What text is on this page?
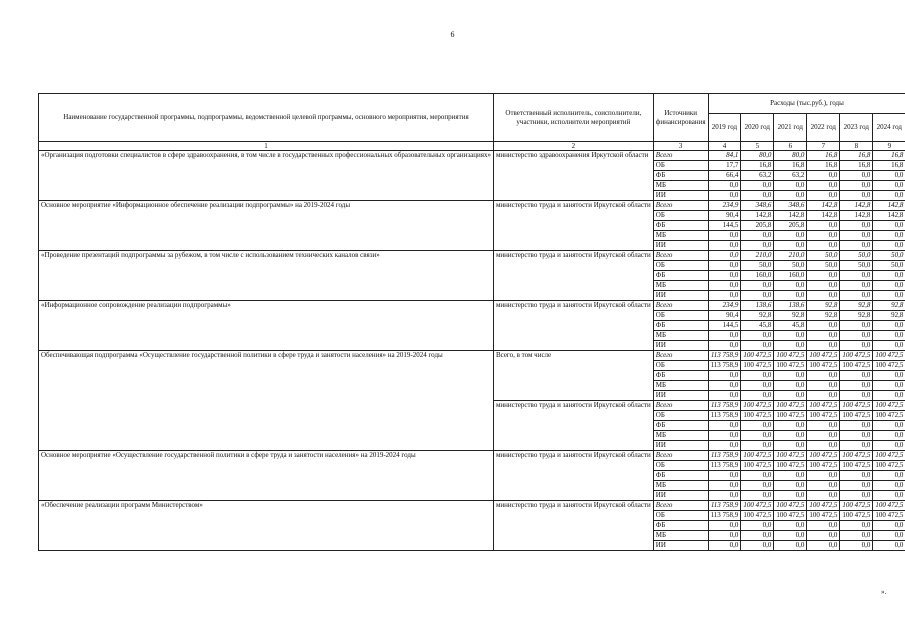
6
Наименование государственной программы, подпрограммы, ведомственной целевой программы, основного мероприятия, мероприятия	Ответственный исполнитель, соисполнители, участники, исполнители мероприятий	Источники финансирования	Расходы (тыс.руб.), годы					
			2019 год	2020 год	2021 год	2022 год	2023 год	2024 год
1	2	3	4	5	6	7	8	9
«Организация подготовки специалистов в сфере здравоохранения, в том числе в государственных профессиональных образовательных организациях»	министерство здравоохранения Иркутской области	Всего	84,1	80,0	80,0	16,8	16,8	16,8
		ОБ	17,7	16,8	16,8	16,8	16,8	16,8
		ФБ	66,4	63,2	63,2	0,0	0,0	0,0
		МБ	0,0	0,0	0,0	0,0	0,0	0,0
		ИИ	0,0	0,0	0,0	0,0	0,0	0,0
Основное мероприятие «Информационное обеспечение реализации подпрограммы» на 2019-2024 годы	министерство труда и занятости Иркутской области	Всего	234,9	348,6	348,6	142,8	142,8	142,8
		ОБ	90,4	142,8	142,8	142,8	142,8	142,8
		ФБ	144,5	205,8	205,8	0,0	0,0	0,0
		МБ	0,0	0,0	0,0	0,0	0,0	0,0
		ИИ	0,0	0,0	0,0	0,0	0,0	0,0
«Проведение презентаций подпрограммы за рубежом, в том числе с использованием технических каналов связи»	министерство труда и занятости Иркутской области	Всего	0,0	210,0	210,0	50,0	50,0	50,0
		ОБ	0,0	50,0	50,0	50,0	50,0	50,0
		ФБ	0,0	160,0	160,0	0,0	0,0	0,0
		МБ	0,0	0,0	0,0	0,0	0,0	0,0
		ИИ	0,0	0,0	0,0	0,0	0,0	0,0
«Информационное сопровождение реализации подпрограммы»	министерство труда и занятости Иркутской области	Всего	234,9	138,6	138,6	92,8	92,8	92,8
		ОБ	90,4	92,8	92,8	92,8	92,8	92,8
		ФБ	144,5	45,8	45,8	0,0	0,0	0,0
		МБ	0,0	0,0	0,0	0,0	0,0	0,0
		ИИ	0,0	0,0	0,0	0,0	0,0	0,0
Обеспечивающая подпрограмма «Осуществление государственной политики в сфере труда и занятости населения» на 2019-2024 годы	Всего, в том числе	Всего	113 758,9	100 472,5	100 472,5	100 472,5	100 472,5	100 472,5
		ОБ	113 758,9	100 472,5	100 472,5	100 472,5	100 472,5	100 472,5
		ФБ	0,0	0,0	0,0	0,0	0,0	0,0
		МБ	0,0	0,0	0,0	0,0	0,0	0,0
		ИИ	0,0	0,0	0,0	0,0	0,0	0,0
	министерство труда и занятости Иркутской области	Всего	113 758,9	100 472,5	100 472,5	100 472,5	100 472,5	100 472,5
		ОБ	113 758,9	100 472,5	100 472,5	100 472,5	100 472,5	100 472,5
		ФБ	0,0	0,0	0,0	0,0	0,0	0,0
		МБ	0,0	0,0	0,0	0,0	0,0	0,0
		ИИ	0,0	0,0	0,0	0,0	0,0	0,0
Основное мероприятие «Осуществление государственной политики в сфере труда и занятости населения» на 2019-2024 годы	министерство труда и занятости Иркутской области	Всего	113 758,9	100 472,5	100 472,5	100 472,5	100 472,5	100 472,5
		ОБ	113 758,9	100 472,5	100 472,5	100 472,5	100 472,5	100 472,5
		ФБ	0,0	0,0	0,0	0,0	0,0	0,0
		МБ	0,0	0,0	0,0	0,0	0,0	0,0
		ИИ	0,0	0,0	0,0	0,0	0,0	0,0
«Обеспечение реализации программ Министерством»	министерство труда и занятости Иркутской области	Всего	113 758,9	100 472,5	100 472,5	100 472,5	100 472,5	100 472,5
		ОБ	113 758,9	100 472,5	100 472,5	100 472,5	100 472,5	100 472,5
		ФБ	0,0	0,0	0,0	0,0	0,0	0,0
		МБ	0,0	0,0	0,0	0,0	0,0	0,0
		ИИ	0,0	0,0	0,0	0,0	0,0	0,0
».
